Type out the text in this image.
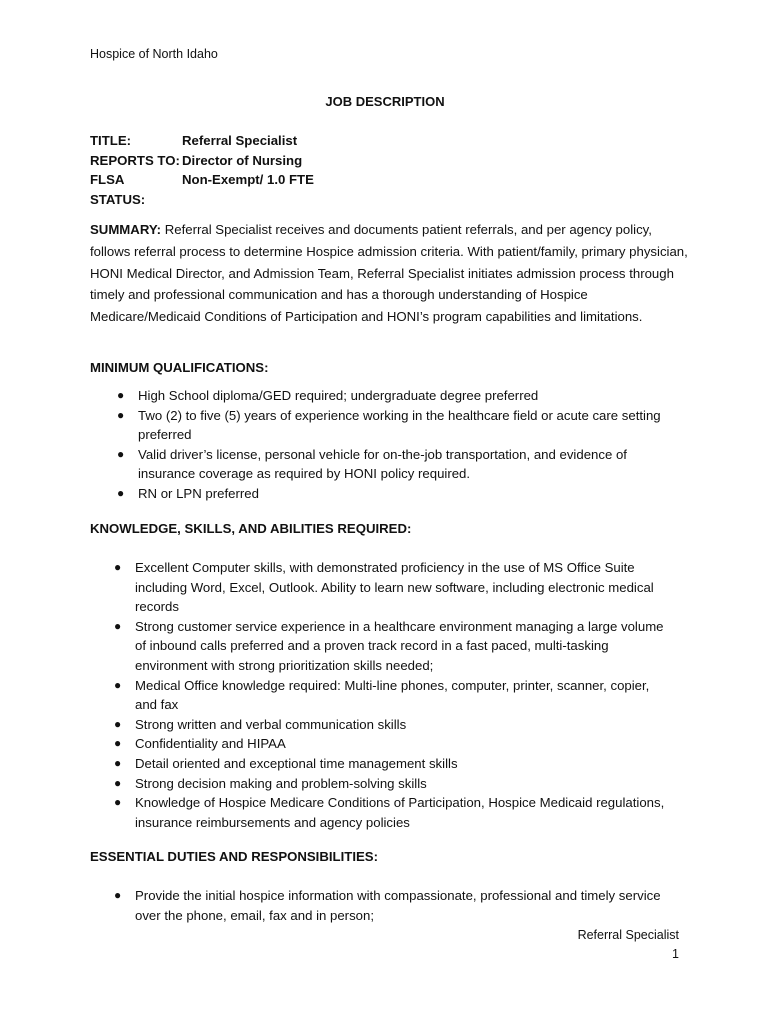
Hospice of North Idaho
JOB DESCRIPTION
TITLE:	Referral Specialist
REPORTS TO: Director of Nursing
FLSA STATUS:
Non-Exempt/ 1.0 FTE
SUMMARY: Referral Specialist receives and documents patient referrals, and per agency policy, follows referral process to determine Hospice admission criteria. With patient/family, primary physician, HONI Medical Director, and Admission Team, Referral Specialist initiates admission process through timely and professional communication and has a thorough understanding of Hospice Medicare/Medicaid Conditions of Participation and HONI’s program capabilities and limitations.
MINIMUM QUALIFICATIONS:
● High School diploma/GED required; undergraduate degree preferred
● Two (2) to five (5) years of experience working in the healthcare field or acute care setting preferred
● Valid driver’s license, personal vehicle for on-the-job transportation, and evidence of insurance coverage as required by HONI policy required.
● RN or LPN preferred
KNOWLEDGE, SKILLS, AND ABILITIES REQUIRED:
● Excellent Computer skills, with demonstrated proficiency in the use of MS Office Suite including Word, Excel, Outlook. Ability to learn new software, including electronic medical records
● Strong customer service experience in a healthcare environment managing a large volume of inbound calls preferred and a proven track record in a fast paced, multi-tasking environment with strong prioritization skills needed;
● Medical Office knowledge required: Multi-line phones, computer, printer, scanner, copier, and fax
● Strong written and verbal communication skills
● Confidentiality and HIPAA
● Detail oriented and exceptional time management skills
● Strong decision making and problem-solving skills
● Knowledge of Hospice Medicare Conditions of Participation, Hospice Medicaid regulations, insurance reimbursements and agency policies
ESSENTIAL DUTIES AND RESPONSIBILITIES:
● Provide the initial hospice information with compassionate, professional and timely service over the phone, email, fax and in person;
Referral Specialist
1
